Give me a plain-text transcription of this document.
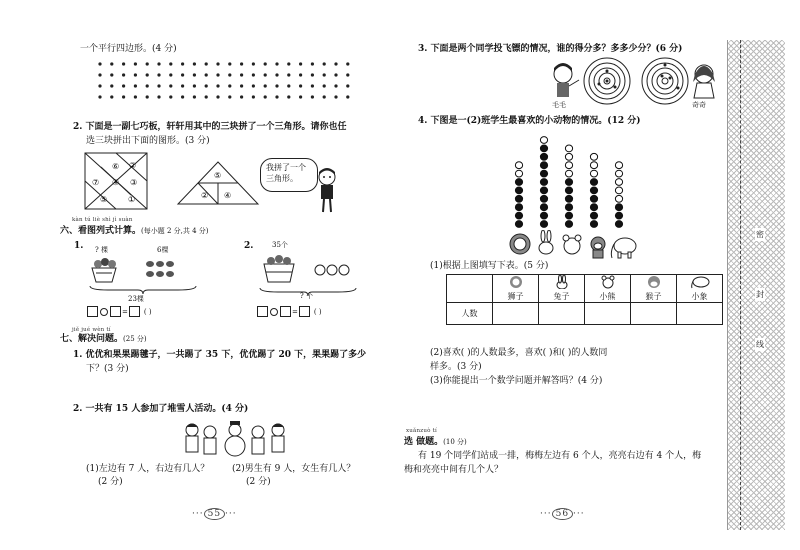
一个平行四边形。(4 分)
2. 下面是一副七巧板，轩轩用其中的三块拼了一个三角形。请你也任
选三块拼出下面的图形。(3 分)
⑥ ②
⑦ ④ ③
⑤	①
⑤
② ④
我拼了一个三角形。
kàn tú liè shì jì suàn
六、看图列式计算。(每小题 2 分,共 4 分)
1. ? 棵	6棵
23棵
= ( )
2.	35个
? 个
= ( )
jiě jué wèn tí
七、解决问题。(25 分)
1. 优优和果果踢毽子，一共踢了 35 下，优优踢了 20 下，果果踢了多少
下？(3 分)
2. 一共有 15 人参加了堆雪人活动。(4 分)
(1)左边有 7 人，右边有几人？
(2 分)
(2)男生有 9 人，女生有几人？
(2 分)
··· 55 ···
3. 下面是两个同学投飞镖的情况，谁的得分多？多多少分？(6 分)
毛毛	奇奇
4. 下图是一(2)班学生最喜欢的小动物的情况。(12 分)
(1)根据上图填写下表。(5 分)

	狮子	兔子	小熊	猴子	小象

人数					
(2)喜欢( )的人数最多，喜欢( )和( )的人数同
样多。(3 分)
(3)你能提出一个数学问题并解答吗？(4 分)
xuǎnzuò tí
选 做题。(10 分)
有 19 个同学们站成一排，梅梅左边有 6 个人，亮亮右边有 4 个人，梅
梅和亮亮中间有几个人？
··· 56 ···
密
封
线
